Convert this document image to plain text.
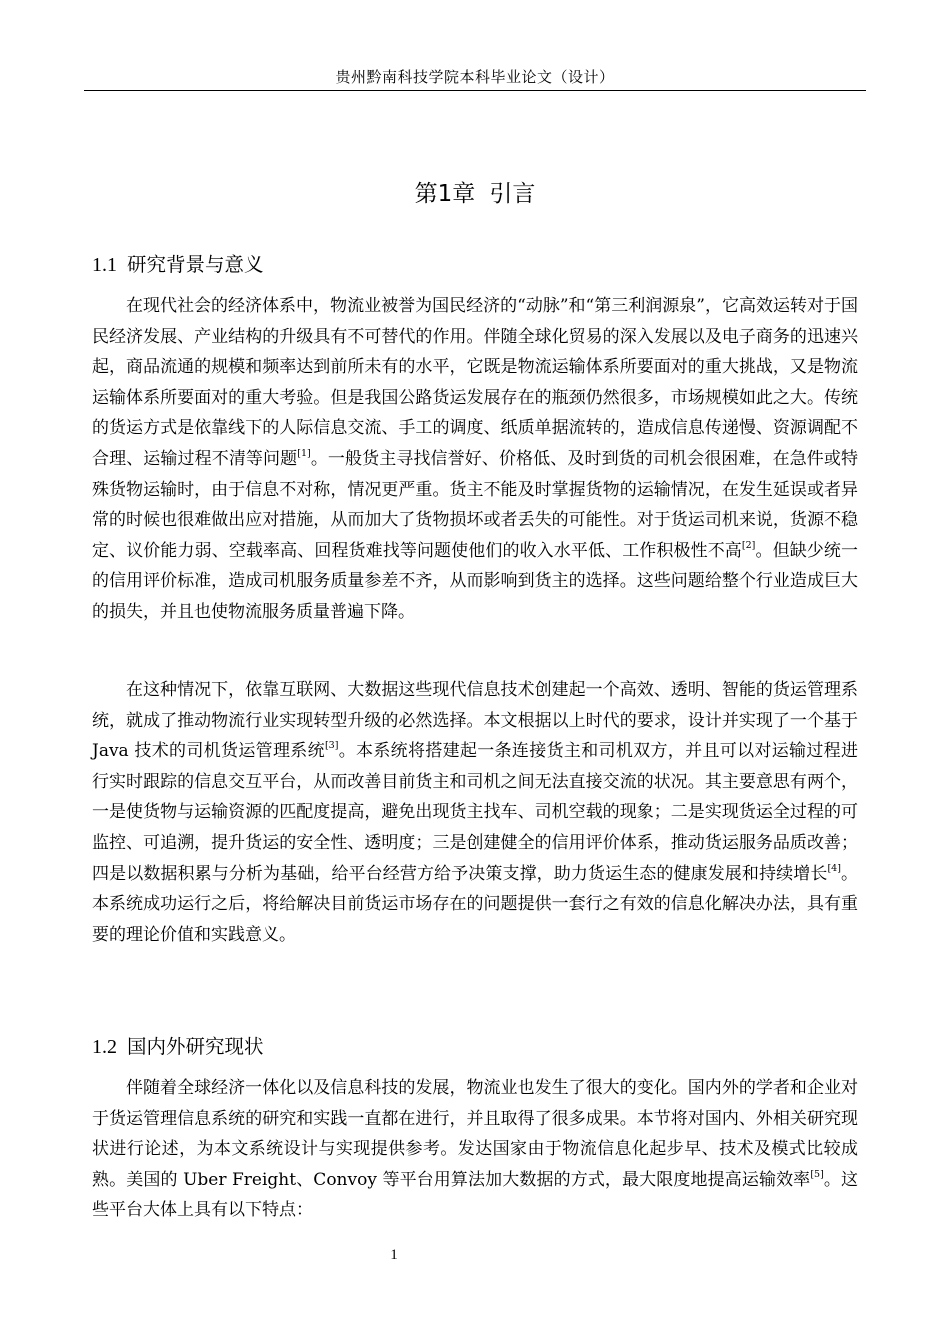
贵州黔南科技学院本科毕业论文（设计）
第1章 引言
1.1 研究背景与意义

在现代社会的经济体系中，物流业被誉为国民经济的“动脉”和“第三利润源泉”，它高效运转对于国民经济发展、产业结构的升级具有不可替代的作用。伴随全球化贸易的深入发展以及电子商务的迅速兴起，商品流通的规模和频率达到前所未有的水平，它既是物流运输体系所要面对的重大挑战，又是物流运输体系所要面对的重大考验。但是我国公路货运发展存在的瓶颈仍然很多，市场规模如此之大。传统的货运方式是依靠线下的人际信息交流、手工的调度、纸质单据流转的，造成信息传递慢、资源调配不合理、运输过程不清等问题[1]。一般货主寻找信誉好、价格低、及时到货的司机会很困难，在急件或特殊货物运输时，由于信息不对称，情况更严重。货主不能及时掌握货物的运输情况，在发生延误或者异常的时候也很难做出应对措施，从而加大了货物损坏或者丢失的可能性。对于货运司机来说，货源不稳定、议价能力弱、空载率高、回程货难找等问题使他们的收入水平低、工作积极性不高[2]。但缺少统一的信用评价标准，造成司机服务质量参差不齐，从而影响到货主的选择。这些问题给整个行业造成巨大的损失，并且也使物流服务质量普遍下降。

在这种情况下，依靠互联网、大数据这些现代信息技术创建起一个高效、透明、智能的货运管理系统，就成了推动物流行业实现转型升级的必然选择。本文根据以上时代的要求，设计并实现了一个基于 Java 技术的司机货运管理系统[3]。本系统将搭建起一条连接货主和司机双方，并且可以对运输过程进行实时跟踪的信息交互平台，从而改善目前货主和司机之间无法直接交流的状况。其主要意思有两个，一是使货物与运输资源的匹配度提高，避免出现货主找车、司机空载的现象；二是实现货运全过程的可监控、可追溯，提升货运的安全性、透明度；三是创建健全的信用评价体系，推动货运服务品质改善；四是以数据积累与分析为基础，给平台经营方给予决策支撑，助力货运生态的健康发展和持续增长[4]。本系统成功运行之后，将给解决目前货运市场存在的问题提供一套行之有效的信息化解决办法，具有重要的理论价值和实践意义。

1.2 国内外研究现状

伴随着全球经济一体化以及信息科技的发展，物流业也发生了很大的变化。国内外的学者和企业对于货运管理信息系统的研究和实践一直都在进行，并且取得了很多成果。本节将对国内、外相关研究现状进行论述，为本文系统设计与实现提供参考。发达国家由于物流信息化起步早、技术及模式比较成熟。美国的 Uber Freight、Convoy 等平台用算法加大数据的方式，最大限度地提高运输效率[5]。这些平台大体上具有以下特点：

1
